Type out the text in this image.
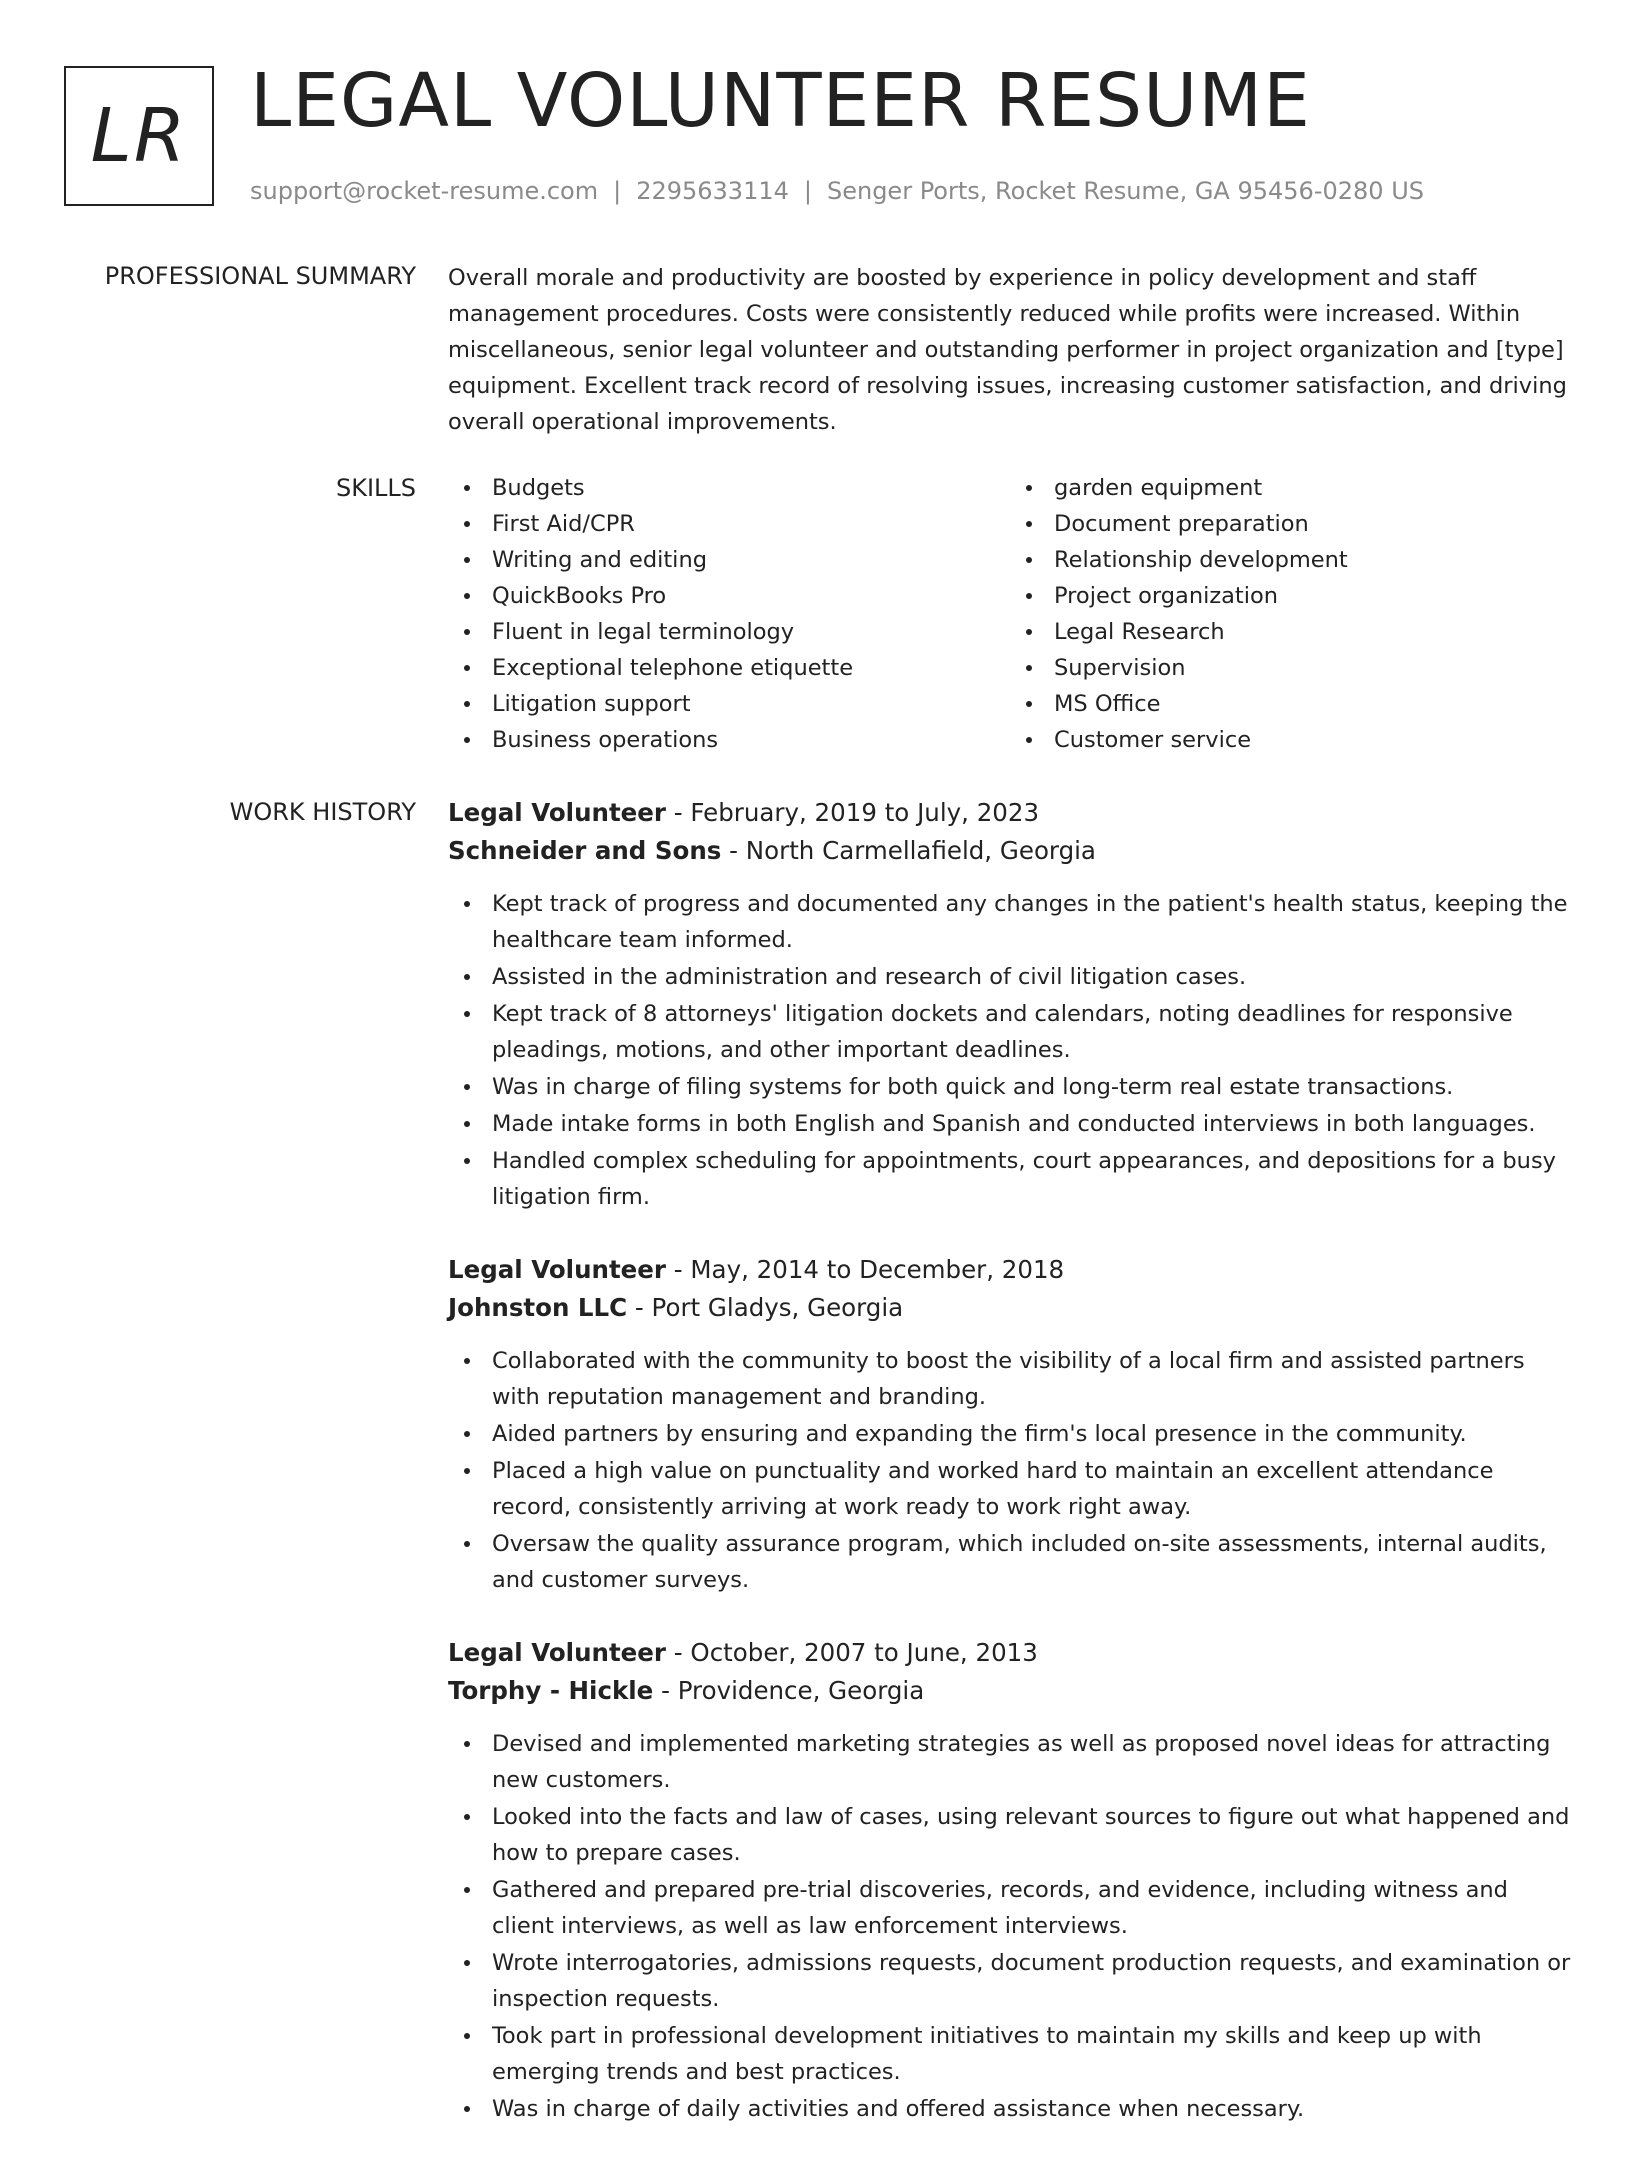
LR LEGAL VOLUNTEER RESUME
support@rocket-resume.com | 2295633114 | Senger Ports, Rocket Resume, GA 95456-0280 US
PROFESSIONAL SUMMARY Overall morale and productivity are boosted by experience in policy development and staff management procedures. Costs were consistently reduced while profits were increased. Within miscellaneous, senior legal volunteer and outstanding performer in project organization and [type] equipment. Excellent track record of resolving issues, increasing customer satisfaction, and driving overall operational improvements.

SKILLS	Budgets
First Aid/CPR
Writing and editing
QuickBooks Pro
Fluent in legal terminology
Exceptional telephone etiquette
Litigation support
Business operations
garden equipment
Document preparation
Relationship development
Project organization
Legal Research
Supervision
MS Office
Customer service
WORK HISTORY Legal Volunteer - February, 2019 to July, 2023
Schneider and Sons - North Carmellafield, Georgia
Kept track of progress and documented any changes in the patient's health status, keeping the healthcare team informed.
Assisted in the administration and research of civil litigation cases.
Kept track of 8 attorneys' litigation dockets and calendars, noting deadlines for responsive pleadings, motions, and other important deadlines.
Was in charge of filing systems for both quick and long-term real estate transactions.
Made intake forms in both English and Spanish and conducted interviews in both languages.
Handled complex scheduling for appointments, court appearances, and depositions for a busy litigation firm.
Legal Volunteer - May, 2014 to December, 2018
Johnston LLC - Port Gladys, Georgia
Collaborated with the community to boost the visibility of a local firm and assisted partners with reputation management and branding.
Aided partners by ensuring and expanding the firm's local presence in the community.
Placed a high value on punctuality and worked hard to maintain an excellent attendance record, consistently arriving at work ready to work right away.
Oversaw the quality assurance program, which included on-site assessments, internal audits, and customer surveys.
Legal Volunteer - October, 2007 to June, 2013
Torphy - Hickle - Providence, Georgia
Devised and implemented marketing strategies as well as proposed novel ideas for attracting new customers.
Looked into the facts and law of cases, using relevant sources to figure out what happened and how to prepare cases.
Gathered and prepared pre-trial discoveries, records, and evidence, including witness and client interviews, as well as law enforcement interviews.
Wrote interrogatories, admissions requests, document production requests, and examination or inspection requests.
Took part in professional development initiatives to maintain my skills and keep up with emerging trends and best practices.
Was in charge of daily activities and offered assistance when necessary.
